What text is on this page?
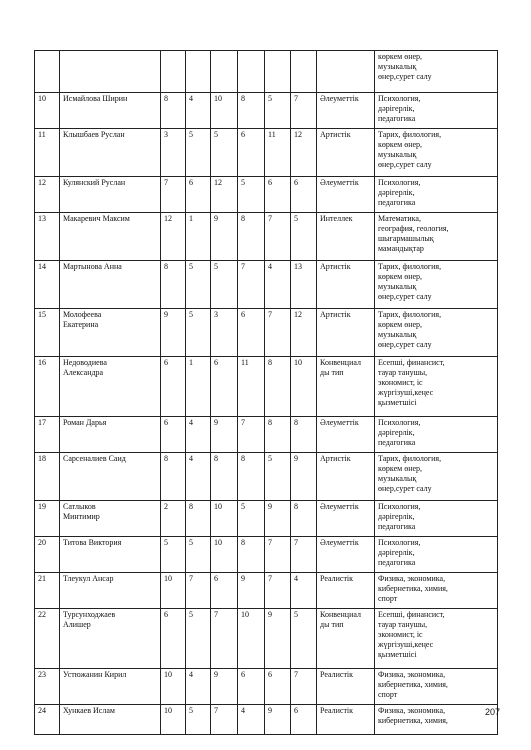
									көркем өнер,
музыкалық
өнер,сурет салу
10	Исмайлова Ширин	8	4	10	8	5	7	Әлеуметтік	Психология,
дәрігерлік,
педагогика
11	Клышбаев Руслан	3	5	5	6	11	12	Артистік	Тарих, филология,
көркем өнер,
музыкалық
өнер,сурет салу
12	Кулянский Руслан	7	6	12	5	6	6	Әлеуметтік	Психология,
дәрігерлік,
педагогика
13	Макаревич Максим	12	1	9	8	7	5	Интеллек	Математика,
география, геология,
шығармашылық
мамандықтар
14	Мартынова Анна	8	5	5	7	4	13	Артистік	Тарих, филология,
көркем өнер,
музыкалық
өнер,сурет салу
15	Молофеева
Екатерина	9	5	3	6	7	12	Артистік	Тарих, филология,
көркем өнер,
музыкалық
өнер,сурет салу
16	Недоводиева
Александра	6	1	6	11	8	10	Конвенциал
ды тип	Есепші, финансист,
тауар танушы,
экономист, іс
жүргізуші,кеңес
қызметшісі
17	Роман Дарья	6	4	9	7	8	8	Әлеуметтік	Психология,
дәрігерлік,
педагогика
18	Сарсеналиев Саид	8	4	8	8	5	9	Артистік	Тарих, филология,
көркем өнер,
музыкалық
өнер,сурет салу
19	Сатлыков
Минтимир	2	8	10	5	9	8	Әлеуметтік	Психология,
дәрігерлік,
педагогика
20	Титова Виктория	5	5	10	8	7	7	Әлеуметтік	Психология,
дәрігерлік,
педагогика
21	Тлеукул Ансар	10	7	6	9	7	4	Реалистік	Физика, экономика,
кибернетика, химия,
спорт
22	Турсунходжаев
Алишер	6	5	7	10	9	5	Конвенциал
ды тип	Есепші, финансист,
тауар танушы,
экономист, іс
жүргізуші,кеңес
қызметшісі
23	Устюжанин Кирил	10	4	9	6	6	7	Реалистік	Физика, экономика,
кибернетика, химия,
спорт
24	Хункаев Ислам	10	5	7	4	9	6	Реалистік	Физика, экономика,
кибернетика, химия,
207
